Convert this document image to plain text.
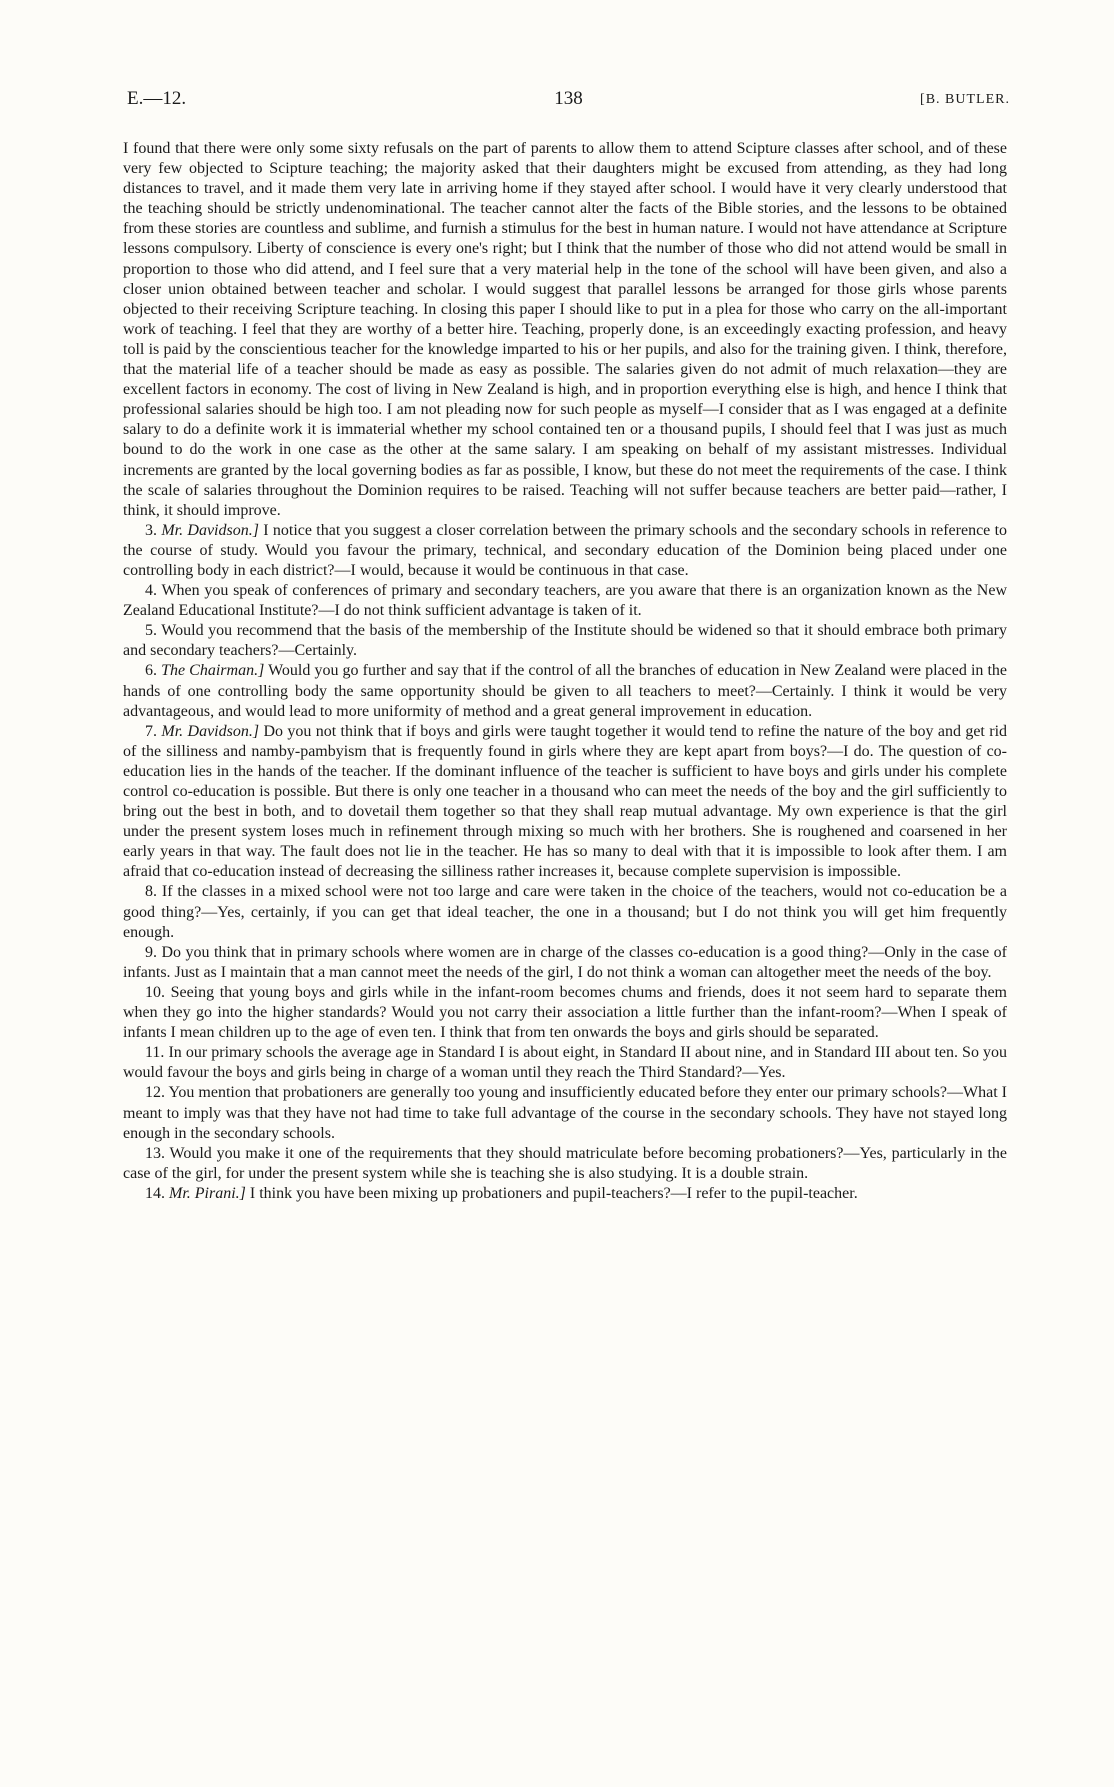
E.—12.	138	[B. BUTLER.

I found that there were only some sixty refusals on the part of parents to allow them to attend Scipture classes after school, and of these very few objected to Scipture teaching; the majority asked that their daughters might be excused from attending, as they had long distances to travel, and it made them very late in arriving home if they stayed after school. I would have it very clearly understood that the teaching should be strictly undenominational. The teacher cannot alter the facts of the Bible stories, and the lessons to be obtained from these stories are countless and sublime, and furnish a stimulus for the best in human nature. I would not have attendance at Scripture lessons compulsory. Liberty of conscience is every one's right; but I think that the number of those who did not attend would be small in proportion to those who did attend, and I feel sure that a very material help in the tone of the school will have been given, and also a closer union obtained between teacher and scholar. I would suggest that parallel lessons be arranged for those girls whose parents objected to their receiving Scripture teaching. In closing this paper I should like to put in a plea for those who carry on the all-important work of teaching. I feel that they are worthy of a better hire. Teaching, properly done, is an exceedingly exacting profession, and heavy toll is paid by the conscientious teacher for the knowledge imparted to his or her pupils, and also for the training given. I think, therefore, that the material life of a teacher should be made as easy as possible. The salaries given do not admit of much relaxation—they are excellent factors in economy. The cost of living in New Zealand is high, and in proportion everything else is high, and hence I think that professional salaries should be high too. I am not pleading now for such people as myself—I consider that as I was engaged at a definite salary to do a definite work it is immaterial whether my school contained ten or a thousand pupils, I should feel that I was just as much bound to do the work in one case as the other at the same salary. I am speaking on behalf of my assistant mistresses. Individual increments are granted by the local governing bodies as far as possible, I know, but these do not meet the requirements of the case. I think the scale of salaries throughout the Dominion requires to be raised. Teaching will not suffer because teachers are better paid—rather, I think, it should improve.

3. Mr. Davidson.] I notice that you suggest a closer correlation between the primary schools and the secondary schools in reference to the course of study. Would you favour the primary, technical, and secondary education of the Dominion being placed under one controlling body in each district?—I would, because it would be continuous in that case.

4. When you speak of conferences of primary and secondary teachers, are you aware that there is an organization known as the New Zealand Educational Institute?—I do not think sufficient advantage is taken of it.

5. Would you recommend that the basis of the membership of the Institute should be widened so that it should embrace both primary and secondary teachers?—Certainly.

6. The Chairman.] Would you go further and say that if the control of all the branches of education in New Zealand were placed in the hands of one controlling body the same opportunity should be given to all teachers to meet?—Certainly. I think it would be very advantageous, and would lead to more uniformity of method and a great general improvement in education.

7. Mr. Davidson.] Do you not think that if boys and girls were taught together it would tend to refine the nature of the boy and get rid of the silliness and namby-pambyism that is frequently found in girls where they are kept apart from boys?—I do. The question of co-education lies in the hands of the teacher. If the dominant influence of the teacher is sufficient to have boys and girls under his complete control co-education is possible. But there is only one teacher in a thousand who can meet the needs of the boy and the girl sufficiently to bring out the best in both, and to dovetail them together so that they shall reap mutual advantage. My own experience is that the girl under the present system loses much in refinement through mixing so much with her brothers. She is roughened and coarsened in her early years in that way. The fault does not lie in the teacher. He has so many to deal with that it is impossible to look after them. I am afraid that co-education instead of decreasing the silliness rather increases it, because complete supervision is impossible.

8. If the classes in a mixed school were not too large and care were taken in the choice of the teachers, would not co-education be a good thing?—Yes, certainly, if you can get that ideal teacher, the one in a thousand; but I do not think you will get him frequently enough.

9. Do you think that in primary schools where women are in charge of the classes co-education is a good thing?—Only in the case of infants. Just as I maintain that a man cannot meet the needs of the girl, I do not think a woman can altogether meet the needs of the boy.

10. Seeing that young boys and girls while in the infant-room becomes chums and friends, does it not seem hard to separate them when they go into the higher standards? Would you not carry their association a little further than the infant-room?—When I speak of infants I mean children up to the age of even ten. I think that from ten onwards the boys and girls should be separated.

11. In our primary schools the average age in Standard I is about eight, in Standard II about nine, and in Standard III about ten. So you would favour the boys and girls being in charge of a woman until they reach the Third Standard?—Yes.

12. You mention that probationers are generally too young and insufficiently educated before they enter our primary schools?—What I meant to imply was that they have not had time to take full advantage of the course in the secondary schools. They have not stayed long enough in the secondary schools.

13. Would you make it one of the requirements that they should matriculate before becoming probationers?—Yes, particularly in the case of the girl, for under the present system while she is teaching she is also studying. It is a double strain.

14. Mr. Pirani.] I think you have been mixing up probationers and pupil-teachers?—I refer to the pupil-teacher.
